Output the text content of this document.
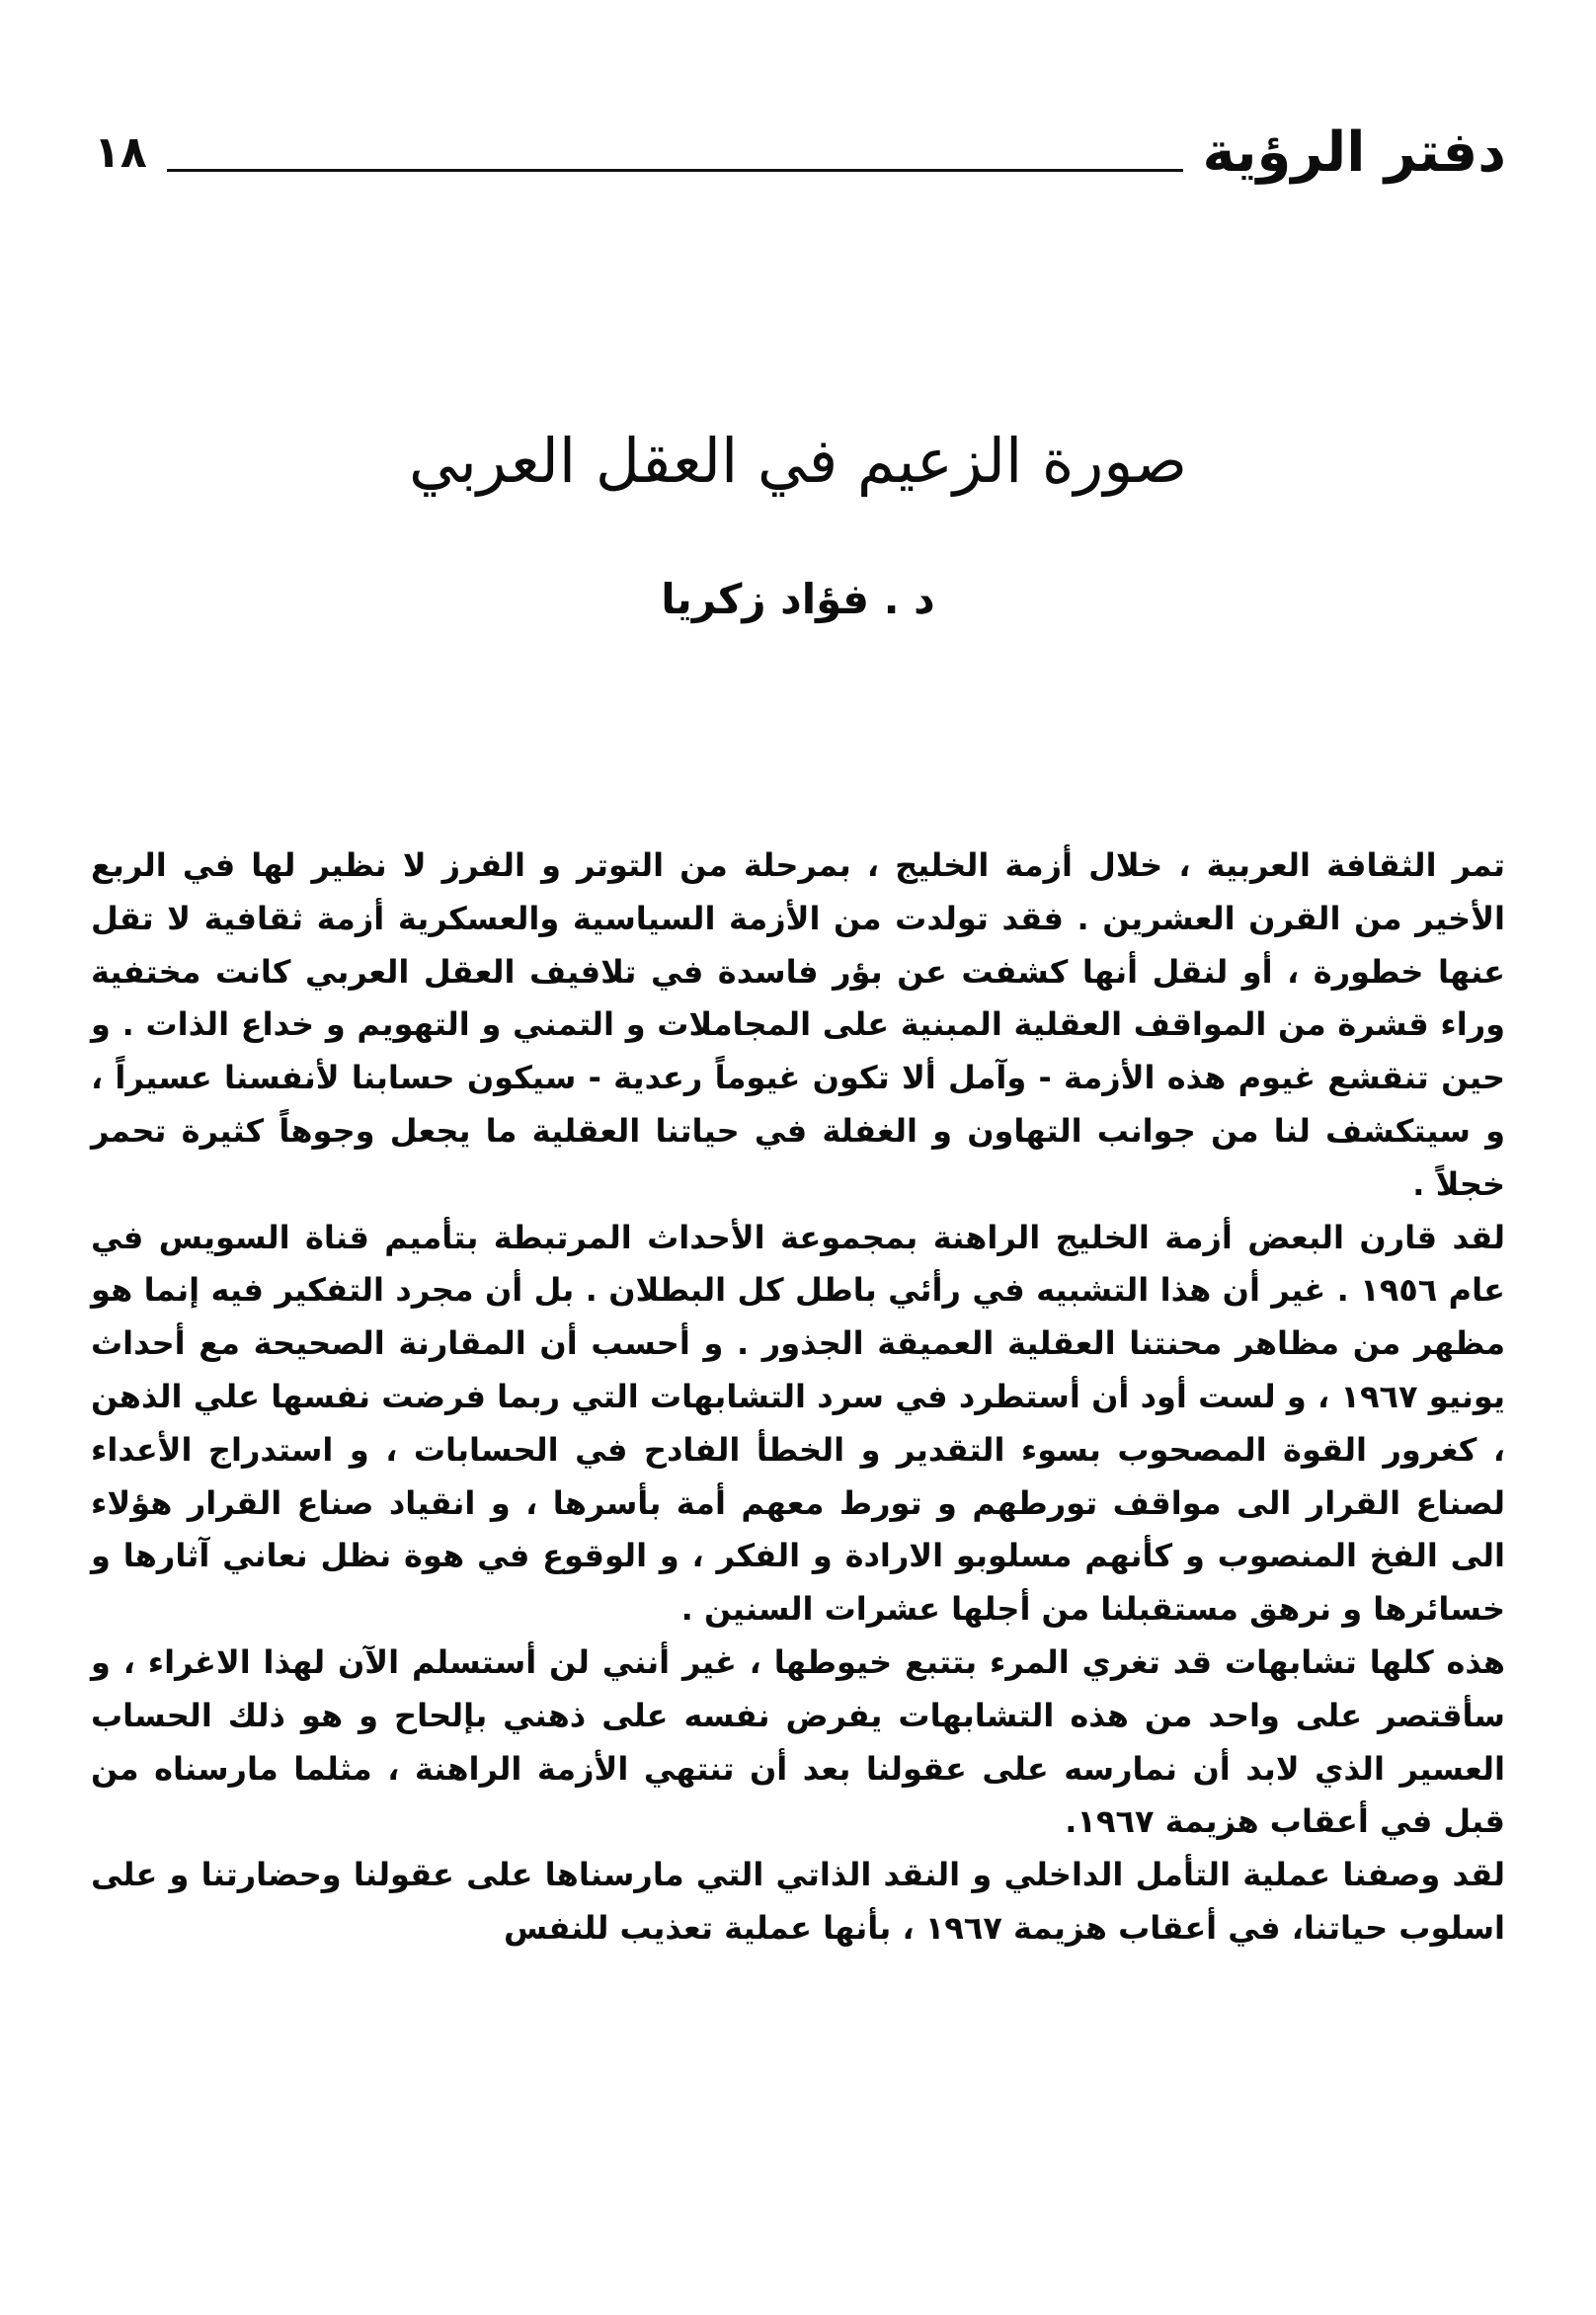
دفتر الرؤية
١٨
صورة الزعيم في العقل العربي
د . فؤاد زكريا

تمر الثقافة العربية ، خلال أزمة الخليج ، بمرحلة من التوتر و الفرز لا نظير لها في الربع الأخير من القرن العشرين . فقد تولدت من الأزمة السياسية والعسكرية أزمة ثقافية لا تقل عنها خطورة ، أو لنقل أنها كشفت عن بؤر فاسدة في تلافيف العقل العربي كانت مختفية وراء قشرة من المواقف العقلية المبنية على المجاملات و التمني و التهويم و خداع الذات . و حين تنقشع غيوم هذه الأزمة - وآمل ألا تكون غيوماً رعدية - سيكون حسابنا لأنفسنا عسيراً ، و سيتكشف لنا من جوانب التهاون و الغفلة في حياتنا العقلية ما يجعل وجوهاً كثيرة تحمر خجلاً .

لقد قارن البعض أزمة الخليج الراهنة بمجموعة الأحداث المرتبطة بتأميم قناة السويس في عام ١٩٥٦ . غير أن هذا التشبيه في رأئي باطل كل البطلان . بل أن مجرد التفكير فيه إنما هو مظهر من مظاهر محنتنا العقلية العميقة الجذور . و أحسب أن المقارنة الصحيحة مع أحداث يونيو ١٩٦٧ ، و لست أود أن أستطرد في سرد التشابهات التي ربما فرضت نفسها علي الذهن ، كغرور القوة المصحوب بسوء التقدير و الخطأ الفادح في الحسابات ، و استدراج الأعداء لصناع القرار الى مواقف تورطهم و تورط معهم أمة بأسرها ، و انقياد صناع القرار هؤلاء الى الفخ المنصوب و كأنهم مسلوبو الارادة و الفكر ، و الوقوع في هوة نظل نعاني آثارها و خسائرها و نرهق مستقبلنا من أجلها عشرات السنين .

هذه كلها تشابهات قد تغري المرء بتتبع خيوطها ، غير أنني لن أستسلم الآن لهذا الاغراء ، و سأقتصر على واحد من هذه التشابهات يفرض نفسه على ذهني بإلحاح و هو ذلك الحساب العسير الذي لابد أن نمارسه على عقولنا بعد أن تنتهي الأزمة الراهنة ، مثلما مارسناه من قبل في أعقاب هزيمة ١٩٦٧.

لقد وصفنا عملية التأمل الداخلي و النقد الذاتي التي مارسناها على عقولنا وحضارتنا و على اسلوب حياتنا، في أعقاب هزيمة ١٩٦٧ ، بأنها عملية تعذيب للنفس
